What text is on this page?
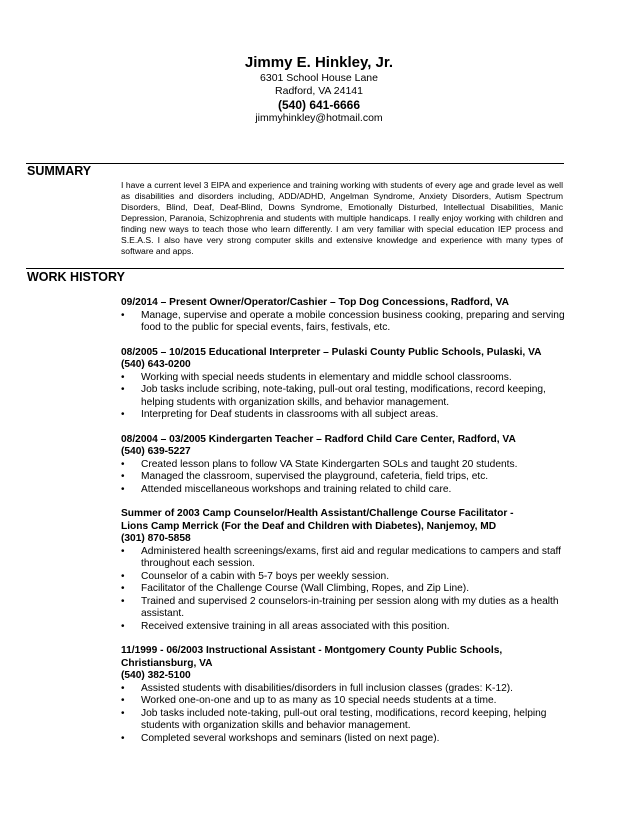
Jimmy E. Hinkley, Jr.
6301 School House Lane
Radford, VA 24141
(540) 641-6666
jimmyhinkley@hotmail.com
SUMMARY
I have a current level 3 EIPA and experience and training working with students of every age and grade level as well as disabilities and disorders including, ADD/ADHD, Angelman Syndrome, Anxiety Disorders, Autism Spectrum Disorders, Blind, Deaf, Deaf-Blind, Downs Syndrome, Emotionally Disturbed, Intellectual Disabilities, Manic Depression, Paranoia, Schizophrenia and students with multiple handicaps. I really enjoy working with children and finding new ways to teach those who learn differently. I am very familiar with special education IEP process and S.E.A.S. I also have very strong computer skills and extensive knowledge and experience with many types of software and apps.
WORK HISTORY
09/2014 – Present Owner/Operator/Cashier – Top Dog Concessions, Radford, VA
•	Manage, supervise and operate a mobile concession business cooking, preparing and serving food to the public for special events, fairs, festivals, etc.
08/2005 – 10/2015 Educational Interpreter – Pulaski County Public Schools, Pulaski, VA
(540) 643-0200
•	Working with special needs students in elementary and middle school classrooms.
•	Job tasks include scribing, note-taking, pull-out oral testing, modifications, record keeping, helping students with organization skills, and behavior management.
•	Interpreting for Deaf students in classrooms with all subject areas.
08/2004 – 03/2005 Kindergarten Teacher – Radford Child Care Center, Radford, VA
(540) 639-5227
•	Created lesson plans to follow VA State Kindergarten SOLs and taught 20 students.
•	Managed the classroom, supervised the playground, cafeteria, field trips, etc.
•	Attended miscellaneous workshops and training related to child care.
Summer of 2003 Camp Counselor/Health Assistant/Challenge Course Facilitator -
Lions Camp Merrick (For the Deaf and Children with Diabetes), Nanjemoy, MD
(301) 870-5858
•	Administered health screenings/exams, first aid and regular medications to campers and staff throughout each session.
•	Counselor of a cabin with 5-7 boys per weekly session.
•	Facilitator of the Challenge Course (Wall Climbing, Ropes, and Zip Line).
•	Trained and supervised 2 counselors-in-training per session along with my duties as a health assistant.
•	Received extensive training in all areas associated with this position.
11/1999 - 06/2003 Instructional Assistant - Montgomery County Public Schools,
Christiansburg, VA
(540) 382-5100
•	Assisted students with disabilities/disorders in full inclusion classes (grades: K-12).
•	Worked one-on-one and up to as many as 10 special needs students at a time.
•	Job tasks included note-taking, pull-out oral testing, modifications, record keeping, helping students with organization skills and behavior management.
•	Completed several workshops and seminars (listed on next page).
